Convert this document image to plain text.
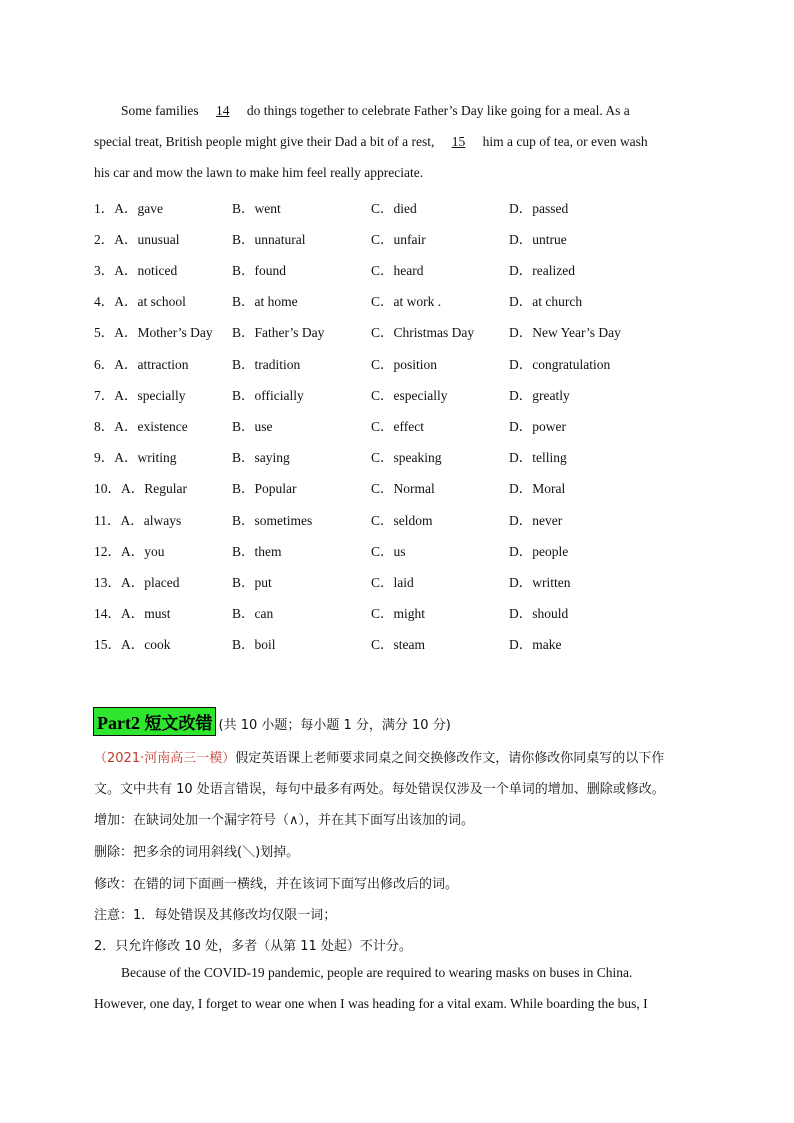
Some families 14 do things together to celebrate Father’s Day like going for a meal. As a
special treat, British people might give their Dad a bit of a rest, 15 him a cup of tea, or even wash
his car and mow the lawn to make him feel really appreciate.
1．A．gave	B．went	C．died	D．passed
2．A．unusual	B．unnatural	C．unfair	D．untrue
3．A．noticed	B．found	C．heard	D．realized
4．A．at school	B．at home	C．at work .	D．at church
5．A．Mother’s Day B．Father’s Day	C．Christmas Day	D．New Year’s Day
6．A．attraction	B．tradition	C．position	D．congratulation
7．A．specially	B．officially	C．especially	D．greatly
8．A．existence	B．use	C．effect	D．power
9．A．writing	B．saying	C．speaking	D．telling
10．A．Regular	B．Popular	C．Normal	D．Moral
11．A．always	B．sometimes	C．seldom	D．never
12．A．you	B．them	C．us	D．people
13．A．placed	B．put	C．laid	D．written
14．A．must	B．can	C．might	D．should
15．A．cook	B．boil	C．steam	D．make
Part2 短文改错 (共 10 小题；每小题 1 分，满分 10 分)
（2021·河南高三一模）假定英语课上老师要求同桌之间交换修改作文，请你修改你同桌写的以下作
文。文中共有 10 处语言错误，每句中最多有两处。每处错误仅涉及一个单词的增加、删除或修改。
增加：在缺词处加一个漏字符号（∧），并在其下面写出该加的词。
删除：把多余的词用斜线(＼)划掉。
修改：在错的词下面画一横线，并在该词下面写出修改后的词。
注意：1．每处错误及其修改均仅限一词；
2．只允许修改 10 处，多者（从第 11 处起）不计分。
Because of the COVID-19 pandemic, people are required to wearing masks on buses in China.
However, one day, I forget to wear one when I was heading for a vital exam. While boarding the bus, I
